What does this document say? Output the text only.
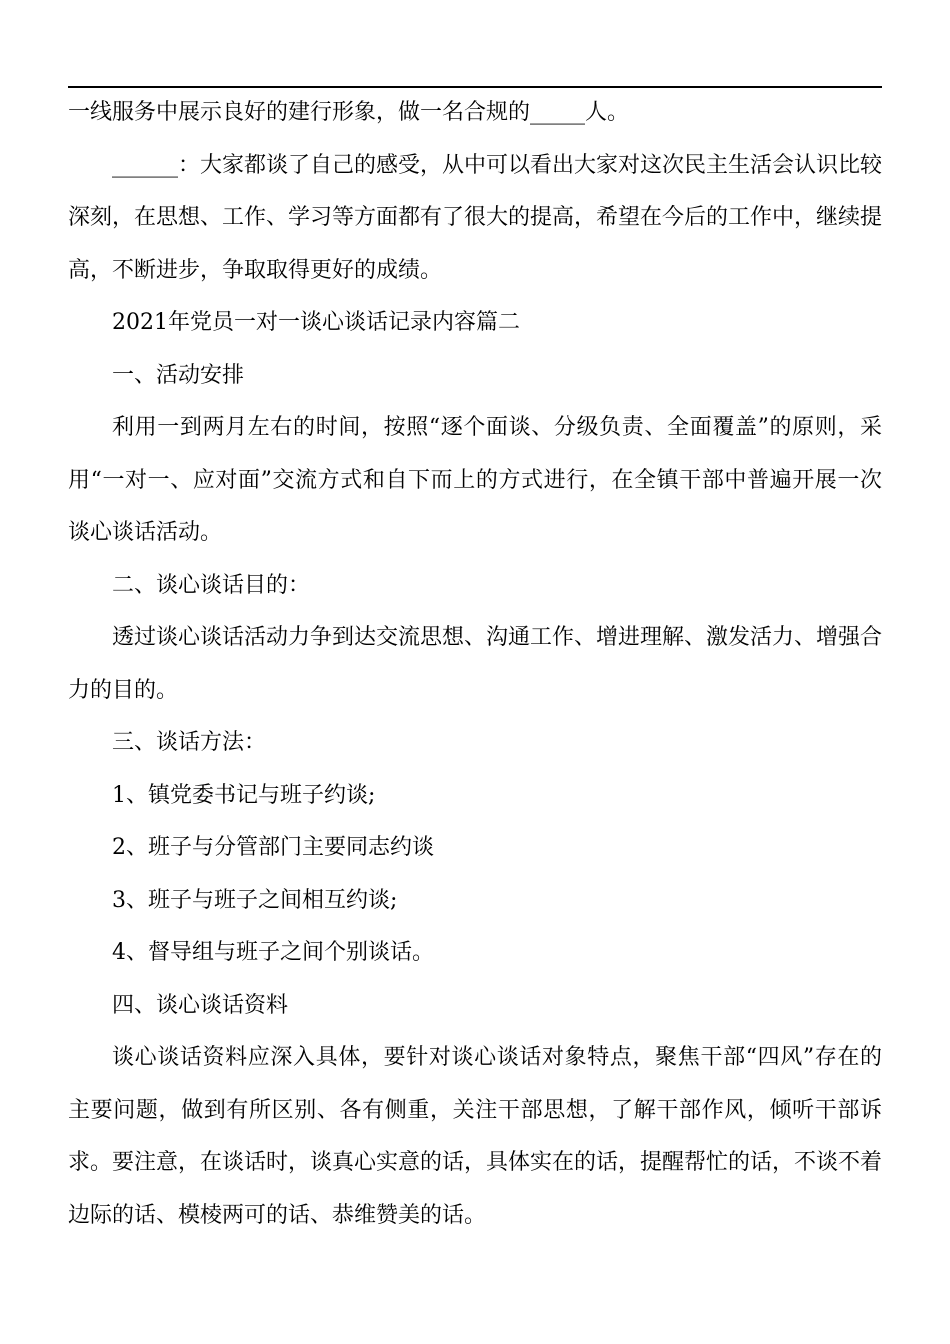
一线服务中展示良好的建行形象，做一名合规的_____人。

______：大家都谈了自己的感受，从中可以看出大家对这次民主生活会认识比较深刻，在思想、工作、学习等方面都有了很大的提高，希望在今后的工作中，继续提高，不断进步，争取取得更好的成绩。

2021年党员一对一谈心谈话记录内容篇二

一、活动安排

利用一到两月左右的时间，按照“逐个面谈、分级负责、全面覆盖”的原则，采用“一对一、应对面”交流方式和自下而上的方式进行，在全镇干部中普遍开展一次谈心谈话活动。

二、谈心谈话目的：

透过谈心谈话活动力争到达交流思想、沟通工作、增进理解、激发活力、增强合力的目的。

三、谈话方法：

1、镇党委书记与班子约谈;

2、班子与分管部门主要同志约谈

3、班子与班子之间相互约谈;

4、督导组与班子之间个别谈话。

四、谈心谈话资料

谈心谈话资料应深入具体，要针对谈心谈话对象特点，聚焦干部“四风”存在的主要问题，做到有所区别、各有侧重，关注干部思想，了解干部作风，倾听干部诉求。要注意，在谈话时，谈真心实意的话，具体实在的话，提醒帮忙的话，不谈不着边际的话、模棱两可的话、恭维赞美的话。
